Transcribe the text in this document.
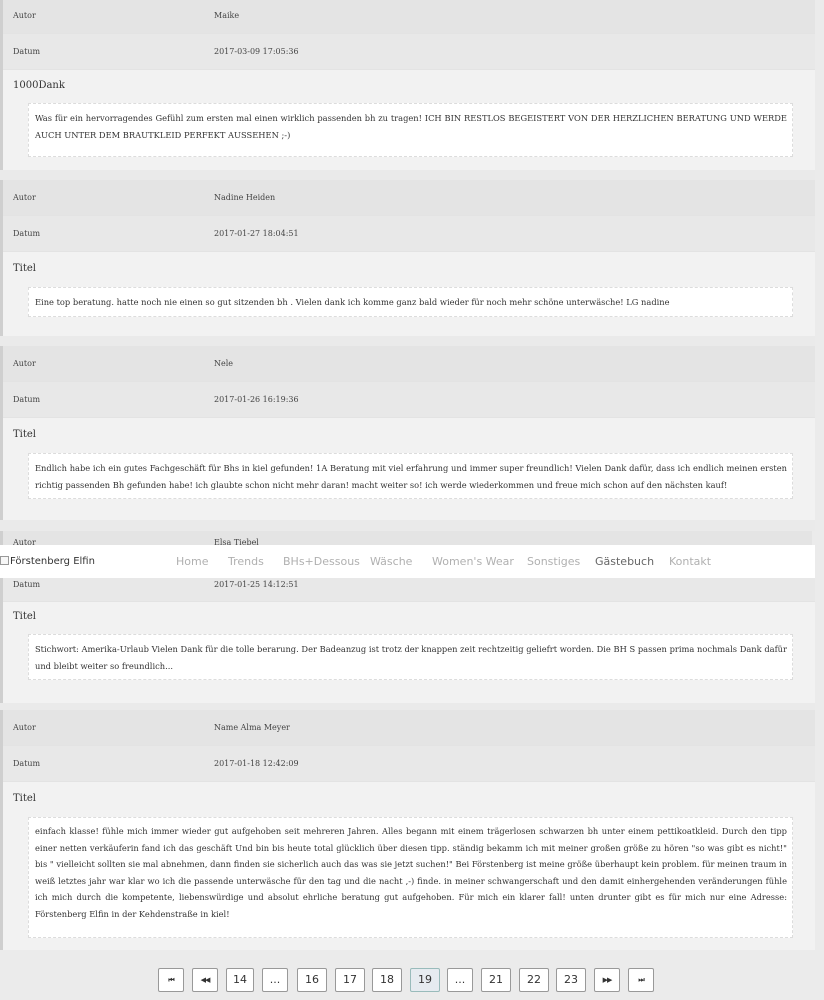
Autor	Maike
Datum	2017-03-09 17:05:36
1000Dank
Was für ein hervorragendes Gefühl zum ersten mal einen wirklich passenden bh zu tragen! ICH BIN RESTLOS BEGEISTERT VON DER HERZLICHEN BERATUNG UND WERDE AUCH UNTER DEM BRAUTKLEID PERFEKT AUSSEHEN ;-)
Autor	Nadine Heiden
Datum	2017-01-27 18:04:51
Titel
Eine top beratung. hatte noch nie einen so gut sitzenden bh . Vielen dank ich komme ganz bald wieder für noch mehr schöne unterwäsche! LG nadine
Autor	Nele
Datum	2017-01-26 16:19:36
Titel
Endlich habe ich ein gutes Fachgeschäft für Bhs in kiel gefunden! 1A Beratung mit viel erfahrung und immer super freundlich! Vielen Dank dafür, dass ich endlich meinen ersten richtig passenden Bh gefunden habe! ich glaubte schon nicht mehr daran! macht weiter so! ich werde wiederkommen und freue mich schon auf den nächsten kauf!
Autor	Elsa Tiebel
Datum	2017-01-25 14:12:51
Titel
Stichwort: Amerika-Urlaub Vielen Dank für die tolle berarung. Der Badeanzug ist trotz der knappen zeit rechtzeitig geliefrt worden. Die BH S passen prima nochmals Dank dafür und bleibt weiter so freundlich...
Autor	Name Alma Meyer
Datum	2017-01-18 12:42:09
Titel
einfach klasse! fühle mich immer wieder gut aufgehoben seit mehreren Jahren. Alles begann mit einem trägerlosen schwarzen bh unter einem pettikoatkleid. Durch den tipp einer netten verkäuferin fand ich das geschäft Und bin bis heute total glücklich über diesen tipp. ständig bekamm ich mit meiner großen größe zu hören "so was gibt es nicht!" bis " vielleicht sollten sie mal abnehmen, dann finden sie sicherlich auch das was sie jetzt suchen!" Bei Förstenberg ist meine größe überhaupt kein problem. für meinen traum in weiß letztes jahr war klar wo ich die passende unterwäsche für den tag und die nacht ,-) finde. in meiner schwangerschaft und den damit einhergehenden veränderungen fühle ich mich durch die kompetente, liebenswürdige und absolut ehrliche beratung gut aufgehoben. Für mich ein klarer fall! unten drunter gibt es für mich nur eine Adresse: Förstenberg Elfin in der Kehdenstraße in kiel!
Förstenberg Elfin	Home Trends BHs+Dessous Wäsche Women's Wear Sonstiges Gästebuch Kontakt
⏮	◀◀	14	...	16	17	18	19	...	21	22	23	▶▶	⏭
